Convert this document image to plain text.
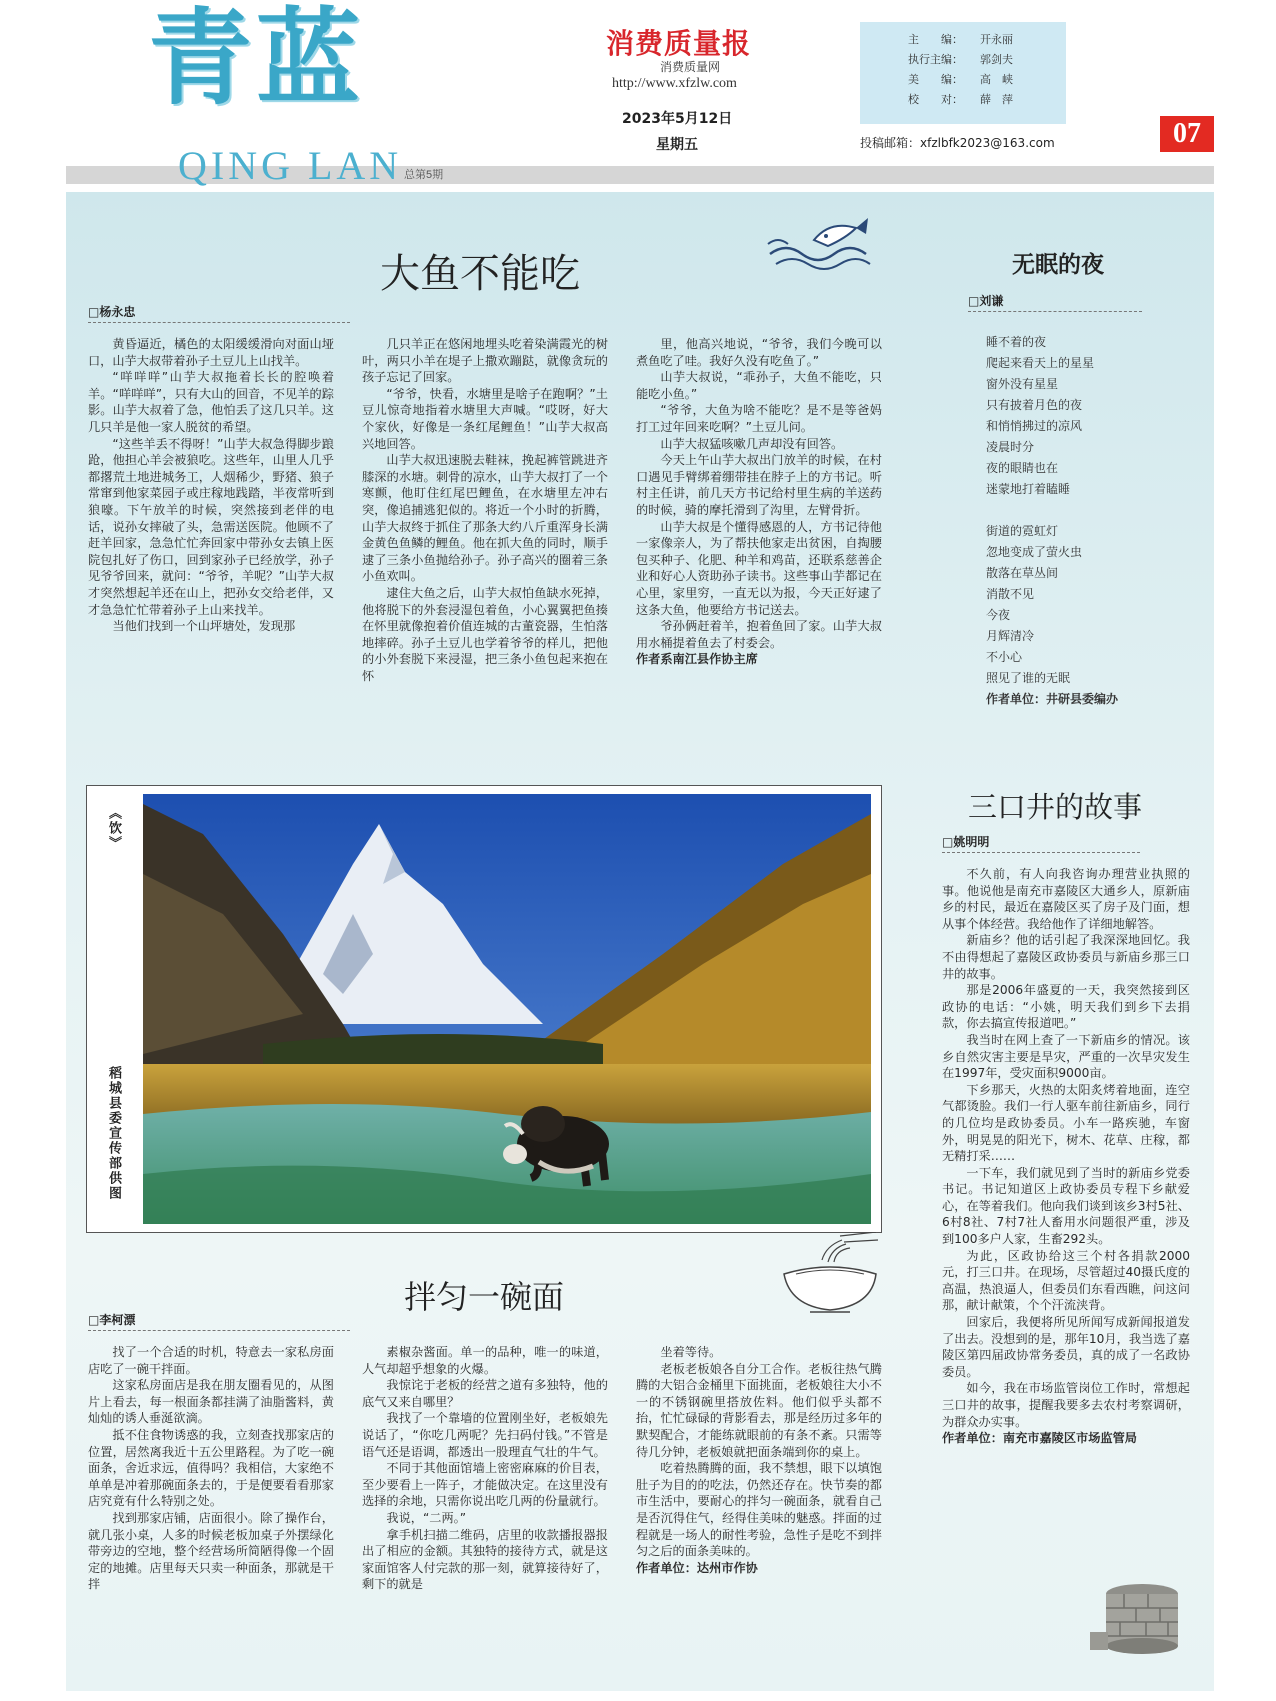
青蓝
QING LAN 总第5期
消费质量报
消费质量网
http://www.xfzlw.com
2023年5月12日
星期五
主　　编：	开永丽
执行主编：	郭剑夫
美　　编：	高　峡
校　　对：	薛　萍
投稿邮箱：xfzlbfk2023@163.com	07
大鱼不能吃
□杨永忠

黄昏逼近，橘色的太阳缓缓滑向对面山垭口，山芋大叔带着孙子土豆儿上山找羊。

“咩咩咩”山芋大叔拖着长长的腔唤着羊。“咩咩咩”，只有大山的回音，不见羊的踪影。山芋大叔着了急，他怕丢了这几只羊。这几只羊是他一家人脱贫的希望。

“这些羊丢不得呀！”山芋大叔急得脚步踉跄，他担心羊会被狼吃。这些年，山里人几乎都撂荒土地进城务工，人烟稀少，野猪、狼子常窜到他家菜园子或庄稼地践踏，半夜常听到狼嚎。下午放羊的时候，突然接到老伴的电话，说孙女摔破了头，急需送医院。他顾不了赶羊回家，急急忙忙奔回家中带孙女去镇上医院包扎好了伤口，回到家孙子已经放学，孙子见爷爷回来，就问：“爷爷，羊呢？”山芋大叔才突然想起羊还在山上，把孙女交给老伴，又才急急忙忙带着孙子上山来找羊。

当他们找到一个山坪塘处，发现那

几只羊正在悠闲地埋头吃着染满霞光的树叶，两只小羊在堤子上撒欢蹦跶，就像贪玩的孩子忘记了回家。

“爷爷，快看，水塘里是啥子在跑啊？”土豆儿惊奇地指着水塘里大声喊。“哎呀，好大个家伙，好像是一条红尾鲤鱼！”山芋大叔高兴地回答。

山芋大叔迅速脱去鞋袜，挽起裤管跳进齐膝深的水塘。刺骨的凉水，山芋大叔打了一个寒颤，他盯住红尾巴鲤鱼，在水塘里左冲右突，像追捕逃犯似的。将近一个小时的折腾，山芋大叔终于抓住了那条大约八斤重浑身长满金黄色鱼鳞的鲤鱼。他在抓大鱼的同时，顺手逮了三条小鱼抛给孙子。孙子高兴的圈着三条小鱼欢叫。

逮住大鱼之后，山芋大叔怕鱼缺水死掉，他将脱下的外套浸湿包着鱼，小心翼翼把鱼揍在怀里就像抱着价值连城的古董瓷器，生怕落地摔碎。孙子土豆儿也学着爷爷的样儿，把他的小外套脱下来浸湿，把三条小鱼包起来抱在怀

里，他高兴地说，“爷爷，我们今晚可以煮鱼吃了哇。我好久没有吃鱼了。”

山芋大叔说，“乖孙子，大鱼不能吃，只能吃小鱼。”

“爷爷，大鱼为啥不能吃？是不是等爸妈打工过年回来吃啊？”土豆儿问。

山芋大叔猛咳嗽几声却没有回答。

今天上午山芋大叔出门放羊的时候，在村口遇见手臂绑着绷带挂在脖子上的方书记。听村主任讲，前几天方书记给村里生病的羊送药的时候，骑的摩托滑到了沟里，左臂骨折。

山芋大叔是个懂得感恩的人，方书记待他一家像亲人，为了帮扶他家走出贫困，自掏腰包买种子、化肥、种羊和鸡苗，还联系慈善企业和好心人资助孙子读书。这些事山芋都记在心里，家里穷，一直无以为报，今天正好逮了这条大鱼，他要给方书记送去。

爷孙俩赶着羊，抱着鱼回了家。山芋大叔用水桶提着鱼去了村委会。

作者系南江县作协主席

无眠的夜
□刘谦
睡不着的夜
爬起来看天上的星星
窗外没有星星
只有披着月色的夜
和悄悄拂过的凉风
凌晨时分
夜的眼睛也在
迷蒙地打着瞌睡
街道的霓虹灯
忽地变成了萤火虫
散落在草丛间
消散不见
今夜
月辉清冷
不小心
照见了谁的无眠
作者单位：井研县委编办
《饮》
稻城县委宣传部供图
三口井的故事
□姚明明

不久前，有人向我咨询办理营业执照的事。他说他是南充市嘉陵区大通乡人，原新庙乡的村民，最近在嘉陵区买了房子及门面，想从事个体经营。我给他作了详细地解答。

新庙乡？他的话引起了我深深地回忆。我不由得想起了嘉陵区政协委员与新庙乡那三口井的故事。

那是2006年盛夏的一天，我突然接到区政协的电话：“小姚，明天我们到乡下去捐款，你去搞宣传报道吧。”

我当时在网上查了一下新庙乡的情况。该乡自然灾害主要是旱灾，严重的一次旱灾发生在1997年，受灾面积9000亩。

下乡那天，火热的太阳炙烤着地面，连空气都烫脸。我们一行人驱车前往新庙乡，同行的几位均是政协委员。小车一路疾驰，车窗外，明晃晃的阳光下，树木、花草、庄稼，都无精打采……

一下车，我们就见到了当时的新庙乡党委书记。书记知道区上政协委员专程下乡献爱心，在等着我们。他向我们谈到该乡3村5社、6村8社、7村7社人畜用水问题很严重，涉及到100多户人家，生畜292头。

为此，区政协给这三个村各捐款2000元，打三口井。在现场，尽管超过40摄氏度的高温，热浪逼人，但委员们东看西瞧，问这问那，献计献策，个个汗流浃背。

回家后，我便将所见所闻写成新闻报道发了出去。没想到的是，那年10月，我当选了嘉陵区第四届政协常务委员，真的成了一名政协委员。

如今，我在市场监管岗位工作时，常想起三口井的故事，提醒我要多去农村考察调研，为群众办实事。

作者单位：南充市嘉陵区市场监管局

拌匀一碗面
□李柯漂

找了一个合适的时机，特意去一家私房面店吃了一碗干拌面。

这家私房面店是我在朋友圈看见的，从图片上看去，每一根面条都挂满了油脂酱料，黄灿灿的诱人垂涎欲滴。

抵不住食物诱惑的我，立刻查找那家店的位置，居然离我近十五公里路程。为了吃一碗面条，舍近求远，值得吗？我相信，大家绝不单单是冲着那碗面条去的，于是便要看看那家店究竟有什么特别之处。

找到那家店铺，店面很小。除了操作台，就几张小桌，人多的时候老板加桌子外摆绿化带旁边的空地，整个经营场所简陋得像一个固定的地摊。店里每天只卖一种面条，那就是干拌

素椒杂酱面。单一的品种，唯一的味道，人气却超乎想象的火爆。

我惊诧于老板的经营之道有多独特，他的底气又来自哪里？

我找了一个靠墙的位置刚坐好，老板娘先说话了，“你吃几两呢？先扫码付钱。”不管是语气还是语调，都透出一股理直气壮的牛气。

不同于其他面馆墙上密密麻麻的价目表，至少要看上一阵子，才能做决定。在这里没有选择的余地，只需你说出吃几两的份量就行。

我说，“二两。”

拿手机扫描二维码，店里的收款播报器报出了相应的金额。其独特的接待方式，就是这家面馆客人付完款的那一刻，就算接待好了，剩下的就是

坐着等待。

老板老板娘各自分工合作。老板往热气腾腾的大铝合金桶里下面挑面，老板娘往大小不一的不锈钢碗里搭放佐料。他们似乎头都不抬，忙忙碌碌的背影看去，那是经历过多年的默契配合，才能练就眼前的有条不紊。只需等待几分钟，老板娘就把面条端到你的桌上。

吃着热腾腾的面，我不禁想，眼下以填饱肚子为目的的吃法，仍然还存在。快节奏的都市生活中，要耐心的拌匀一碗面条，就看自己是否沉得住气，经得住美味的魅惑。拌面的过程就是一场人的耐性考验，急性子是吃不到拌匀之后的面条美味的。

作者单位：达州市作协
